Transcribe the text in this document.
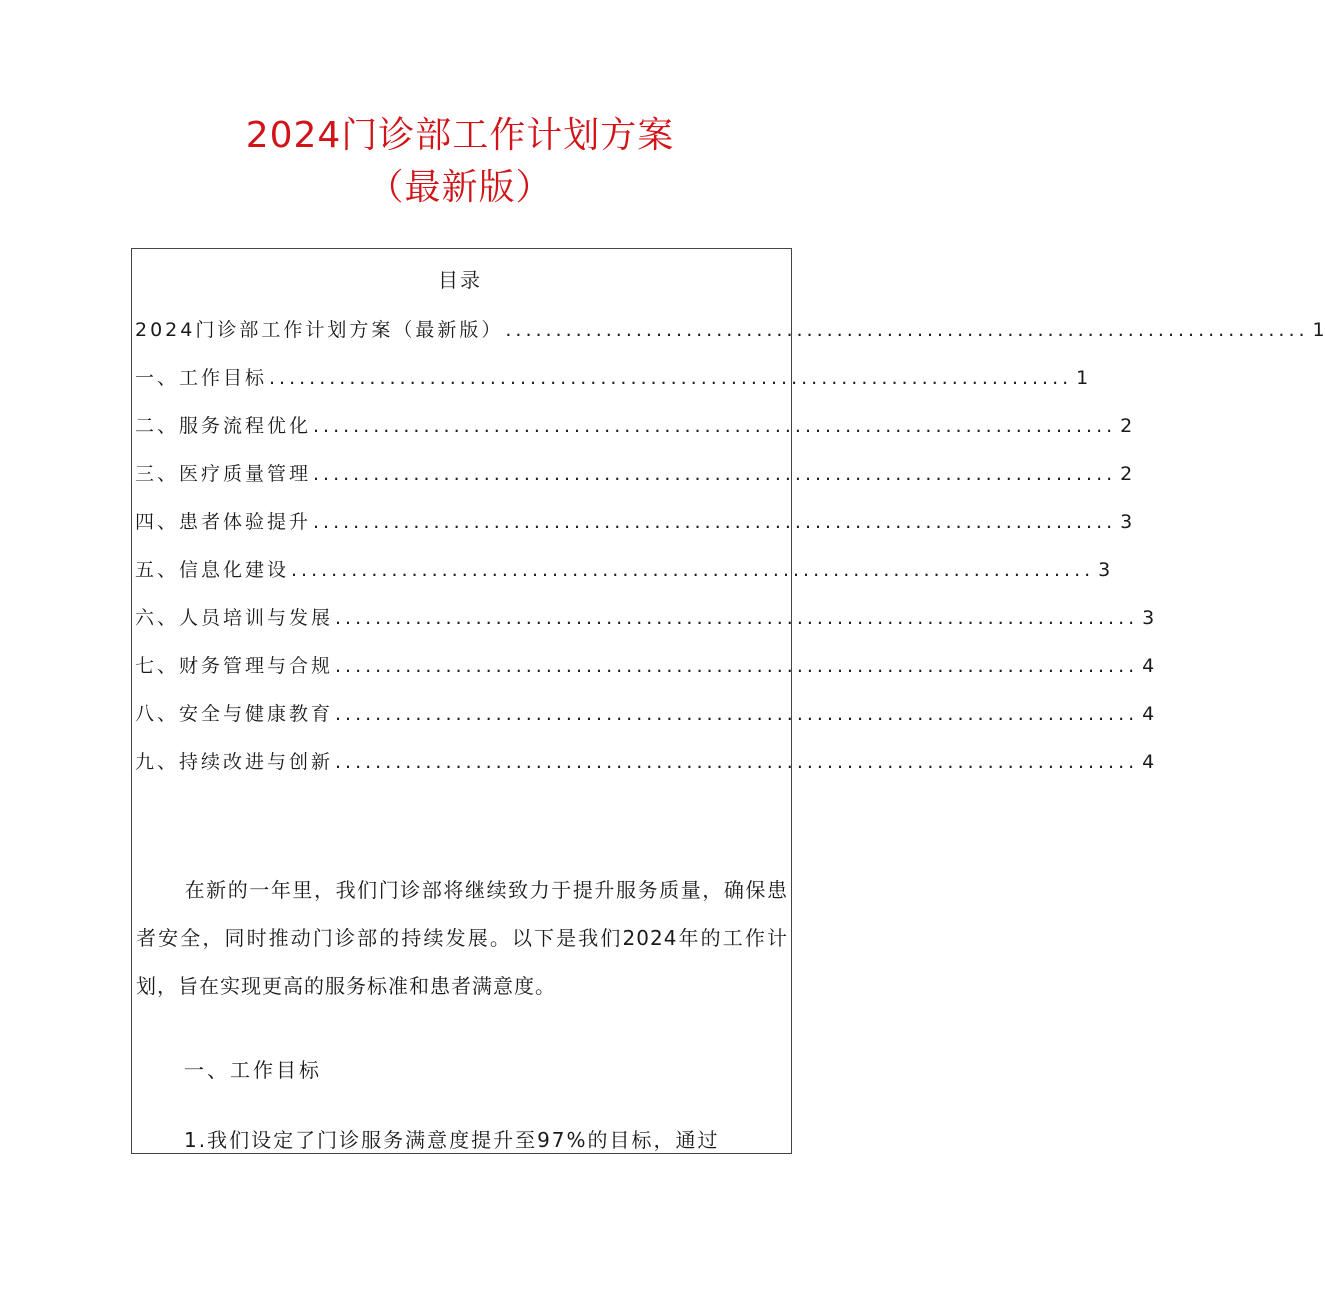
2024门诊部工作计划方案
（最新版）
目录
2024门诊部工作计划方案（最新版） ................................................................................ 1
一、工作目标 ................................................................................ 1
二、服务流程优化 ................................................................................ 2
三、医疗质量管理 ................................................................................ 2
四、患者体验提升 ................................................................................ 3
五、信息化建设 ................................................................................ 3
六、人员培训与发展 ................................................................................ 3
七、财务管理与合规 ................................................................................ 4
八、安全与健康教育 ................................................................................ 4
九、持续改进与创新 ................................................................................ 4
在新的一年里，我们门诊部将继续致力于提升服务质量，确保患者安全，同时推动门诊部的持续发展。以下是我们2024年的工作计划，旨在实现更高的服务标准和患者满意度。
一、工作目标
1.我们设定了门诊服务满意度提升至97%的目标，通过
